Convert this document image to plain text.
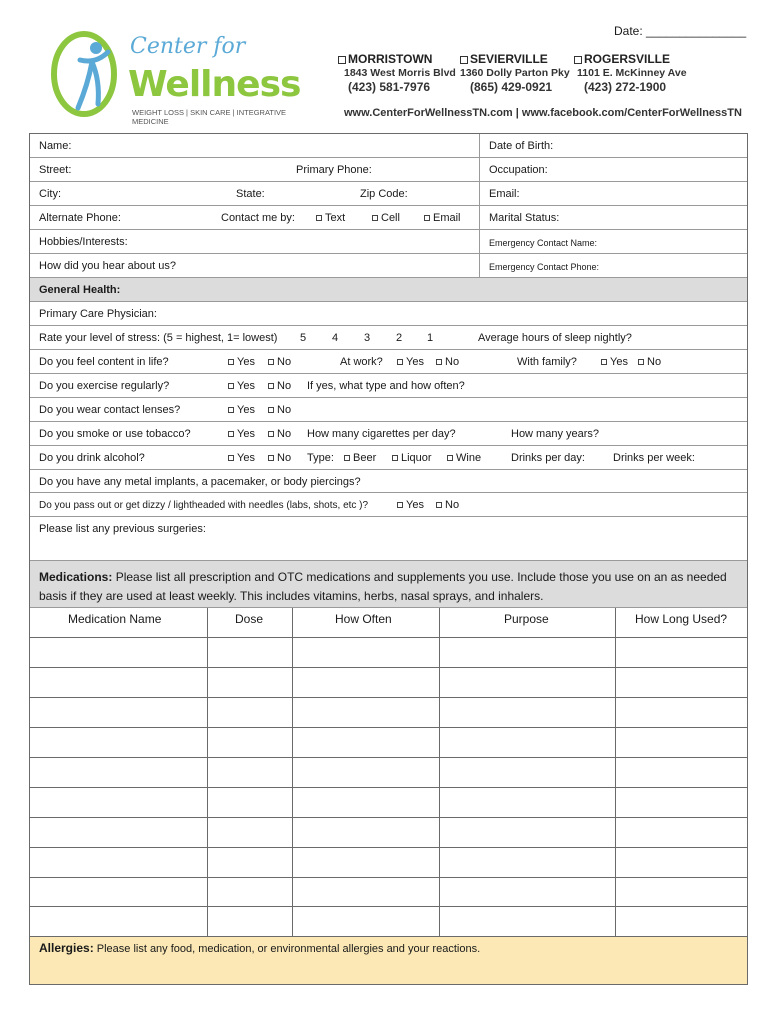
Date: _______________
Center for
Wellness
WEIGHT LOSS | SKIN CARE | INTEGRATIVE MEDICINE
MORRISTOWN
1843 West Morris Blvd
(423) 581-7976
SEVIERVILLE
1360 Dolly Parton Pky
(865) 429-0921
ROGERSVILLE
1101 E. McKinney Ave
(423) 272-1900
www.CenterForWellnessTN.com | www.facebook.com/CenterForWellnessTN
Name:	Date of Birth:
Street:	Primary Phone:	Occupation:
City:	State:	Zip Code:	Email:
Alternate Phone:	Contact me by:	Text	Cell	Email	Marital Status:
Hobbies/Interests:	Emergency Contact Name:
How did you hear about us?	Emergency Contact Phone:
General Health:
Primary Care Physician:
Rate your level of stress: (5 = highest, 1= lowest) 5 4 3 2 1	Average hours of sleep nightly?
Do you feel content in life?	Yes	No	At work?	Yes	No	With family?	Yes	No
Do you exercise regularly?	Yes	No If yes, what type and how often?
Do you wear contact lenses?	Yes	No
Do you smoke or use tobacco?	Yes	No How many cigarettes per day?	How many years?
Do you drink alcohol?	Yes	No Type:	Beer	Liquor	Wine	Drinks per day:	Drinks per week:
Do you have any metal implants, a pacemaker, or body piercings?
Do you pass out or get dizzy / lightheaded with needles (labs, shots, etc )?	Yes	No
Please list any previous surgeries:

Medications: Please list all prescription and OTC medications and supplements you use. Include those you use on an as needed basis if they are used at least weekly. This includes vitamins, herbs, nasal sprays, and inhalers.

Medication Name	Dose	How Often	Purpose	How Long Used?
Allergies: Please list any food, medication, or environmental allergies and your reactions.
